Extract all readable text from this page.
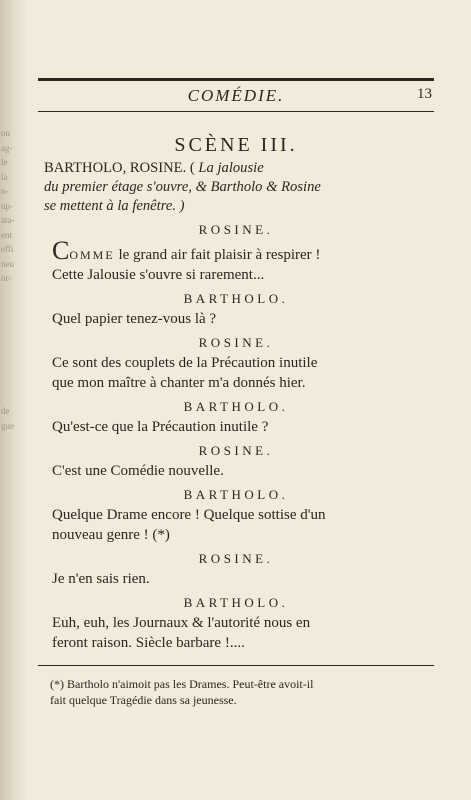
on
ag-
le
la
n-
up-
ata-
ent
effi
neu
or-
de
gue
COMÉDIE.	13
SCÈNE III.
BARTHOLO, ROSINE. ( La jalousie
du premier étage s'ouvre, & Bartholo & Rosine
se mettent à la fenêtre. )
ROSINE.
COMME le grand air fait plaisir à respirer !
Cette Jalousie s'ouvre si rarement...
BARTHOLO.
Quel papier tenez-vous là ?
ROSINE.
Ce sont des couplets de la Précaution inutile
que mon maître à chanter m'a donnés hier.
BARTHOLO.
Qu'est-ce que la Précaution inutile ?
ROSINE.
C'est une Comédie nouvelle.
BARTHOLO.
Quelque Drame encore ! Quelque sottise d'un
nouveau genre ! (*)
ROSINE.
Je n'en sais rien.
BARTHOLO.
Euh, euh, les Journaux & l'autorité nous en
feront raison. Siècle barbare !....
(*) Bartholo n'aimoit pas les Drames. Peut-être avoit-il
fait quelque Tragédie dans sa jeunesse.
